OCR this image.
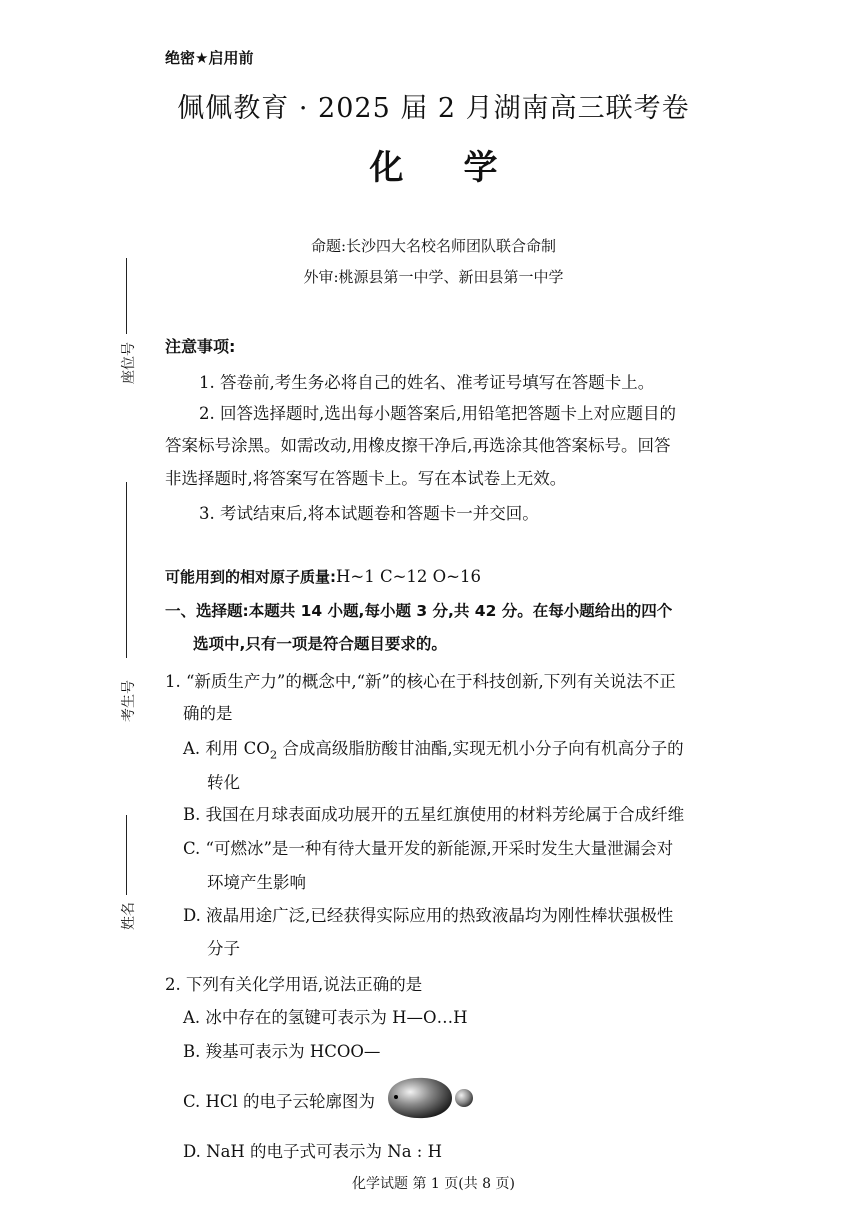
绝密★启用前
佩佩教育 · 2025 届 2 月湖南高三联考卷
化学
命题:长沙四大名校名师团队联合命制
外审:桃源县第一中学、新田县第一中学
座位号
考生号
姓名
注意事项:
1. 答卷前,考生务必将自己的姓名、准考证号填写在答题卡上。
2. 回答选择题时,选出每小题答案后,用铅笔把答题卡上对应题目的
答案标号涂黑。如需改动,用橡皮擦干净后,再选涂其他答案标号。回答
非选择题时,将答案写在答题卡上。写在本试卷上无效。
3. 考试结束后,将本试题卷和答题卡一并交回。
可能用到的相对原子质量:H~1 C~12 O~16
一、选择题:本题共 14 小题,每小题 3 分,共 42 分。在每小题给出的四个
选项中,只有一项是符合题目要求的。
1. “新质生产力”的概念中,“新”的核心在于科技创新,下列有关说法不正
确的是
A. 利用 $CO_2$ 合成高级脂肪酸甘油酯,实现无机小分子向有机高分子的
转化
B. 我国在月球表面成功展开的五星红旗使用的材料芳纶属于合成纤维
C. “可燃冰”是一种有待大量开发的新能源,开采时发生大量泄漏会对
环境产生影响
D. 液晶用途广泛,已经获得实际应用的热致液晶均为刚性棒状强极性
分子
2. 下列有关化学用语,说法正确的是
A. 冰中存在的氢键可表示为 H—O…H
B. 羧基可表示为 HCOO—
C. HCl 的电子云轮廓图为
D. NaH 的电子式可表示为 Na : H
化学试题 第 1 页(共 8 页)
